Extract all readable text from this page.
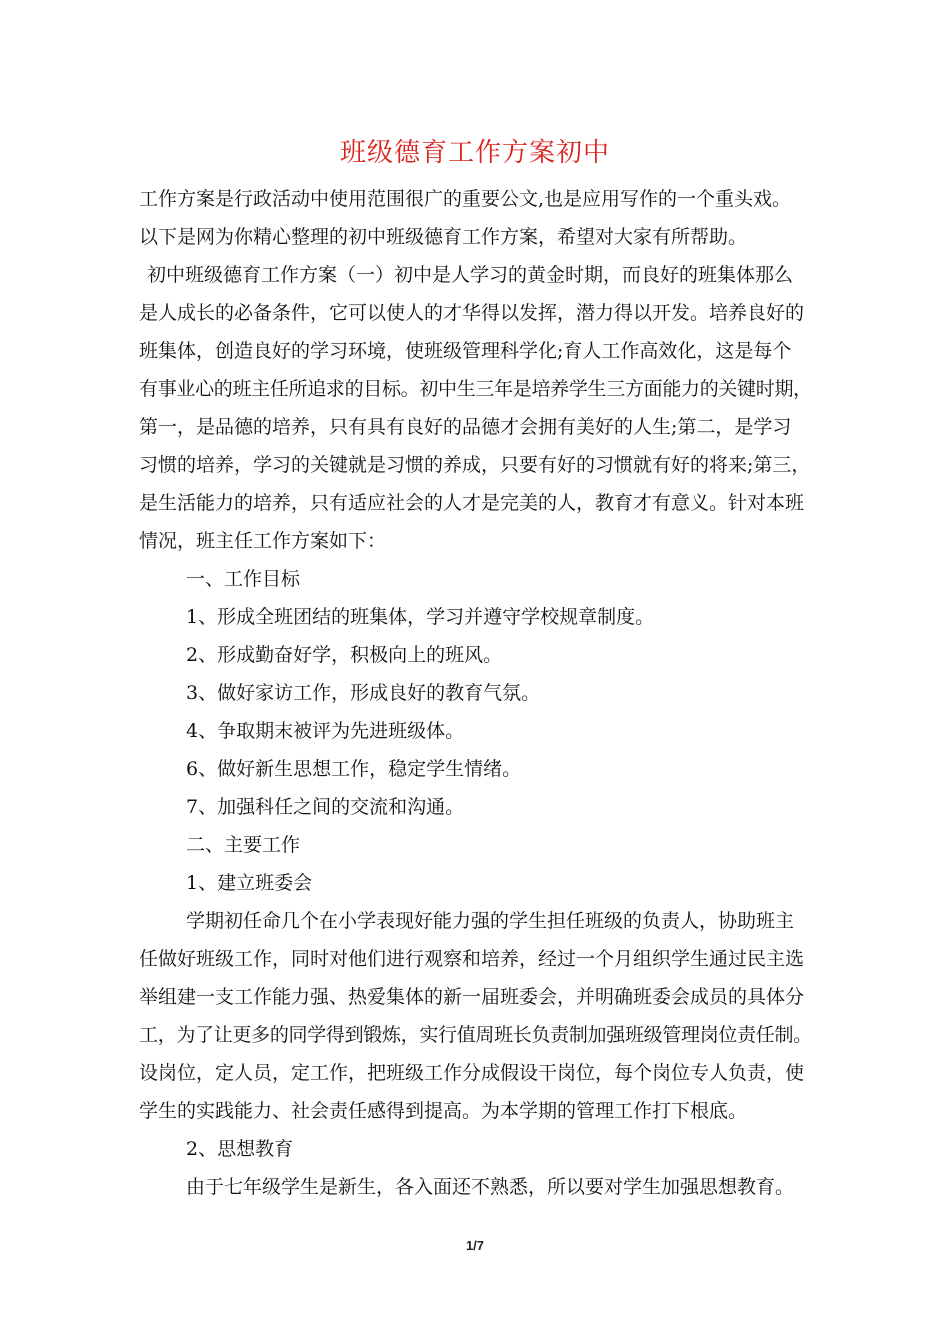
班级德育工作方案初中
工作方案是行政活动中使用范围很广的重要公文,也是应用写作的一个重头戏。
以下是网为你精心整理的初中班级德育工作方案，希望对大家有所帮助。
初中班级德育工作方案（一）初中是人学习的黄金时期，而良好的班集体那么
是人成长的必备条件，它可以使人的才华得以发挥，潜力得以开发。培养良好的
班集体，创造良好的学习环境，使班级管理科学化;育人工作高效化，这是每个
有事业心的班主任所追求的目标。初中生三年是培养学生三方面能力的关键时期，
第一，是品德的培养，只有具有良好的品德才会拥有美好的人生;第二，是学习
习惯的培养，学习的关键就是习惯的养成，只要有好的习惯就有好的将来;第三，
是生活能力的培养，只有适应社会的人才是完美的人，教育才有意义。针对本班
情况，班主任工作方案如下：
一、工作目标
1、形成全班团结的班集体，学习并遵守学校规章制度。
2、形成勤奋好学，积极向上的班风。
3、做好家访工作，形成良好的教育气氛。
4、争取期末被评为先进班级体。
6、做好新生思想工作，稳定学生情绪。
7、加强科任之间的交流和沟通。
二、主要工作
1、建立班委会
学期初任命几个在小学表现好能力强的学生担任班级的负责人，协助班主
任做好班级工作，同时对他们进行观察和培养，经过一个月组织学生通过民主选
举组建一支工作能力强、热爱集体的新一届班委会，并明确班委会成员的具体分
工，为了让更多的同学得到锻炼，实行值周班长负责制加强班级管理岗位责任制。
设岗位，定人员，定工作，把班级工作分成假设干岗位，每个岗位专人负责，使
学生的实践能力、社会责任感得到提高。为本学期的管理工作打下根底。
2、思想教育
由于七年级学生是新生，各入面还不熟悉，所以要对学生加强思想教育。
1/7
